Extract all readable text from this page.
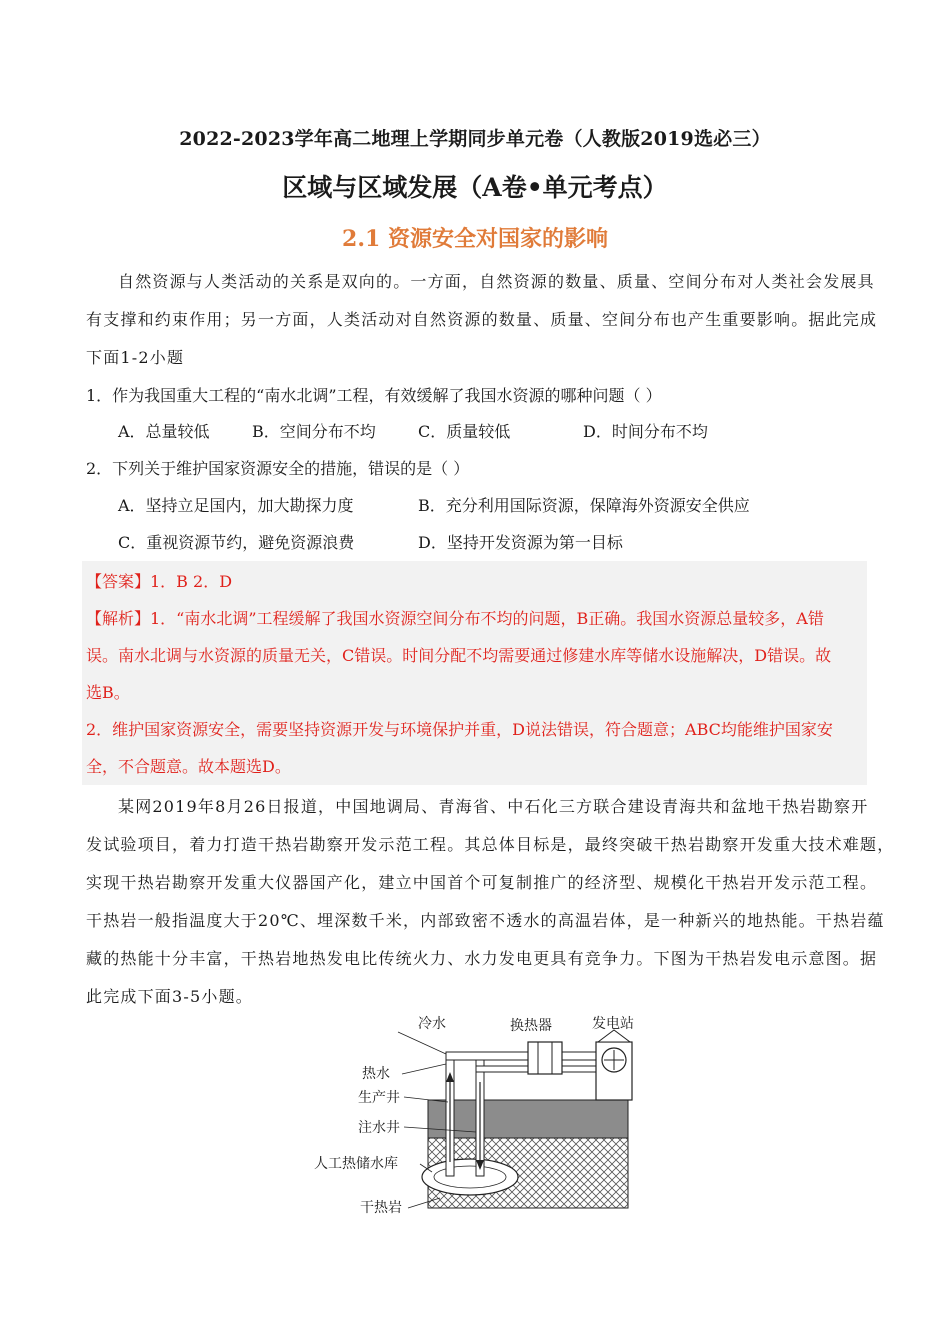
2022-2023学年高二地理上学期同步单元卷（人教版2019选必三）
区域与区域发展（A卷•单元考点）
2.1 资源安全对国家的影响
自然资源与人类活动的关系是双向的。一方面，自然资源的数量、质量、空间分布对人类社会发展具
有支撑和约束作用；另一方面，人类活动对自然资源的数量、质量、空间分布也产生重要影响。据此完成
下面1-2小题
1．作为我国重大工程的“南水北调”工程，有效缓解了我国水资源的哪种问题（ ）
A．总量较低	B．空间分布不均	C．质量较低	D．时间分布不均
2．下列关于维护国家资源安全的措施，错误的是（ ）
A．坚持立足国内，加大勘探力度	B．充分利用国际资源，保障海外资源安全供应
C．重视资源节约，避免资源浪费	D．坚持开发资源为第一目标
【答案】1．B 2．D
【解析】1．“南水北调”工程缓解了我国水资源空间分布不均的问题，B正确。我国水资源总量较多，A错
误。南水北调与水资源的质量无关，C错误。时间分配不均需要通过修建水库等储水设施解决，D错误。故
选B。
2．维护国家资源安全，需要坚持资源开发与环境保护并重，D说法错误，符合题意；ABC均能维护国家安
全，不合题意。故本题选D。
某网2019年8月26日报道，中国地调局、青海省、中石化三方联合建设青海共和盆地干热岩勘察开
发试验项目，着力打造干热岩勘察开发示范工程。其总体目标是，最终突破干热岩勘察开发重大技术难题，
实现干热岩勘察开发重大仪器国产化，建立中国首个可复制推广的经济型、规模化干热岩开发示范工程。
干热岩一般指温度大于20℃、埋深数千米，内部致密不透水的高温岩体，是一种新兴的地热能。干热岩蕴
藏的热能十分丰富，干热岩地热发电比传统火力、水力发电更具有竞争力。下图为干热岩发电示意图。据
此完成下面3-5小题。
冷水	换热器	发电站
热水
生产井
注水井
人工热储水库
干热岩
